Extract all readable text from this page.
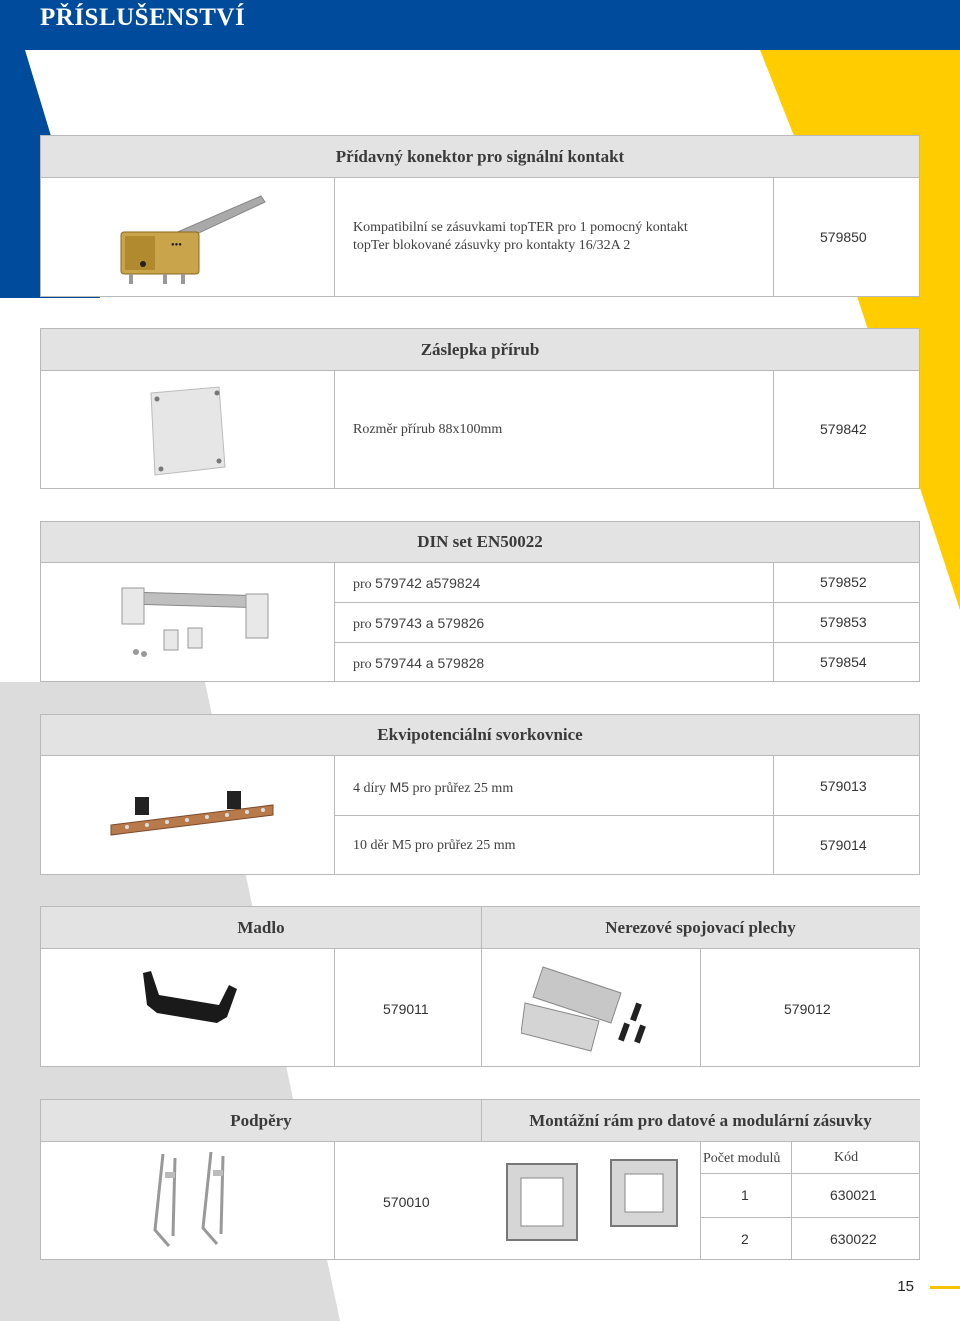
PŘÍSLUŠENSTVÍ
Přídavný konektor pro signální kontakt
●●●
Kompatibilní se zásuvkami topTER pro 1 pomocný kontakt
topTer blokované zásuvky pro kontakty 16/32A 2
579850
Záslepka přírub
Rozměr přírub 88x100mm	579842
DIN set EN50022
pro 579742 a579824	579852
pro 579743 a 579826	579853
pro 579744 a 579828	579854
Ekvipotenciální svorkovnice
4 díry M5 pro průřez 25 mm	579013
10 děr M5 pro průřez 25 mm	579014
Madlo	Nerezové spojovací plechy
579011	579012
Podpěry	Montážní rám pro datové a modulární zásuvky
570010
Počet modulů	Kód
1	630021
2	630022
15
